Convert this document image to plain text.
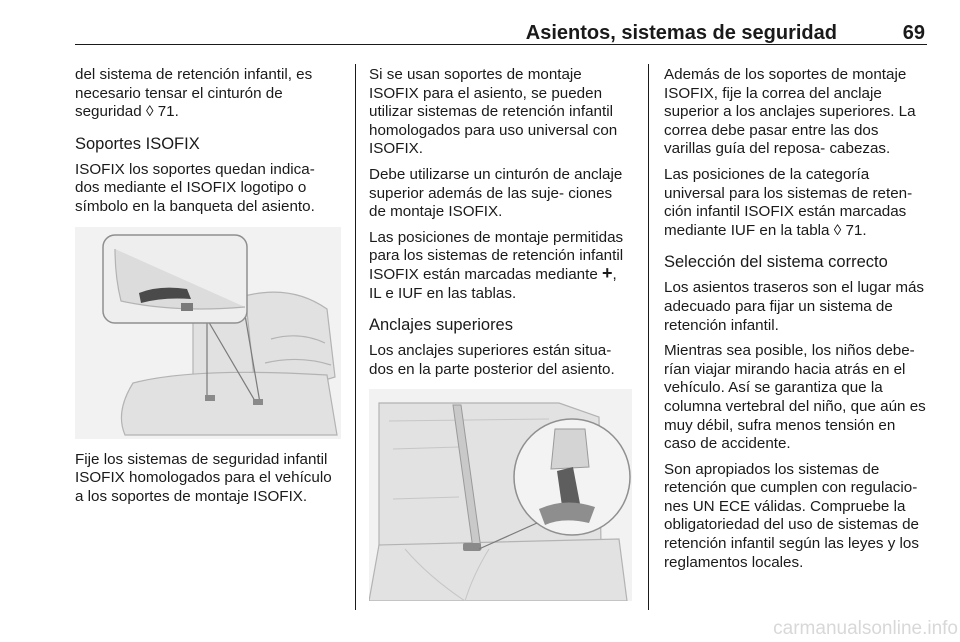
Asientos, sistemas de seguridad	69

del sistema de retención infantil, es necesario tensar el cinturón de seguridad ◊ 71.

Soportes ISOFIX

ISOFIX los soportes quedan indica- dos mediante el ISOFIX logotipo o símbolo en la banqueta del asiento.

Fije los sistemas de seguridad infantil ISOFIX homologados para el vehículo a los soportes de montaje ISOFIX.

Si se usan soportes de montaje ISOFIX para el asiento, se pueden utilizar sistemas de retención infantil homologados para uso universal con ISOFIX.

Debe utilizarse un cinturón de anclaje superior además de las suje- ciones de montaje ISOFIX.

Las posiciones de montaje permitidas para los sistemas de retención infantil ISOFIX están marcadas mediante +, IL e IUF en las tablas.

Anclajes superiores

Los anclajes superiores están situa- dos en la parte posterior del asiento.

Además de los soportes de montaje ISOFIX, fije la correa del anclaje superior a los anclajes superiores. La correa debe pasar entre las dos varillas guía del reposa- cabezas.

Las posiciones de la categoría universal para los sistemas de reten- ción infantil ISOFIX están marcadas mediante IUF en la tabla ◊ 71.

Selección del sistema correcto

Los asientos traseros son el lugar más adecuado para fijar un sistema de retención infantil.

Mientras sea posible, los niños debe- rían viajar mirando hacia atrás en el vehículo. Así se garantiza que la columna vertebral del niño, que aún es muy débil, sufra menos tensión en caso de accidente.

Son apropiados los sistemas de retención que cumplen con regulacio- nes UN ECE válidas. Compruebe la obligatoriedad del uso de sistemas de retención infantil según las leyes y los reglamentos locales.

carmanualsonline.info
